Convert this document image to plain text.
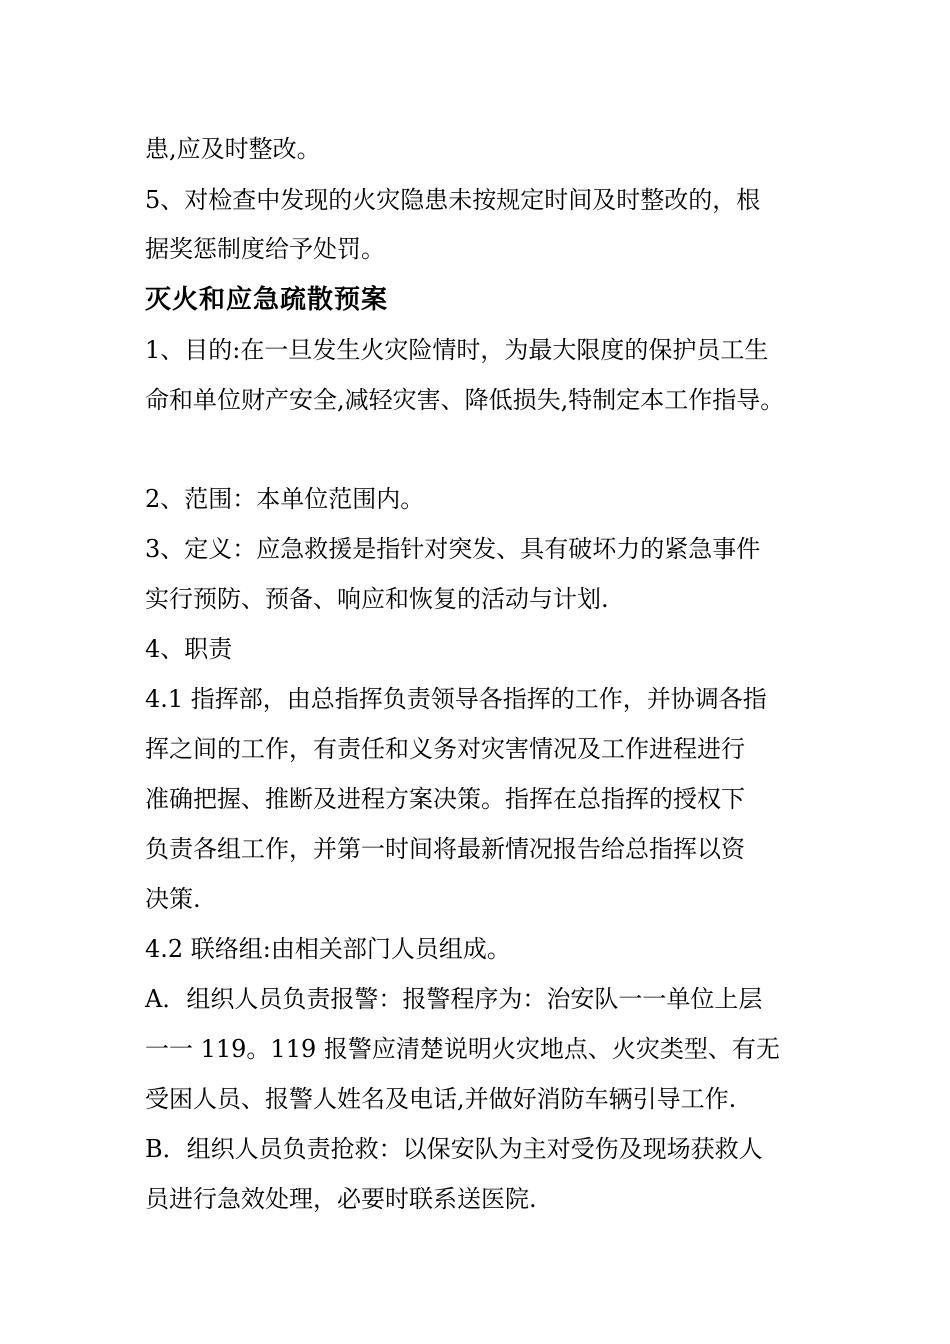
患,应及时整改。
5、对检查中发现的火灾隐患未按规定时间及时整改的，根
据奖惩制度给予处罚。
灭火和应急疏散预案
1、目的:在一旦发生火灾险情时，为最大限度的保护员工生
命和单位财产安全,减轻灾害、降低损失,特制定本工作指导。
2、范围：本单位范围内。
3、定义：应急救援是指针对突发、具有破坏力的紧急事件
实行预防、预备、响应和恢复的活动与计划.
4、职责
4.1 指挥部，由总指挥负责领导各指挥的工作，并协调各指
挥之间的工作，有责任和义务对灾害情况及工作进程进行
准确把握、推断及进程方案决策。指挥在总指挥的授权下
负责各组工作，并第一时间将最新情况报告给总指挥以资
决策.
4.2 联络组:由相关部门人员组成。
A．组织人员负责报警：报警程序为：治安队一一单位上层
一一 119。119 报警应清楚说明火灾地点、火灾类型、有无
受困人员、报警人姓名及电话,并做好消防车辆引导工作.
B．组织人员负责抢救：以保安队为主对受伤及现场获救人
员进行急效处理，必要时联系送医院.
